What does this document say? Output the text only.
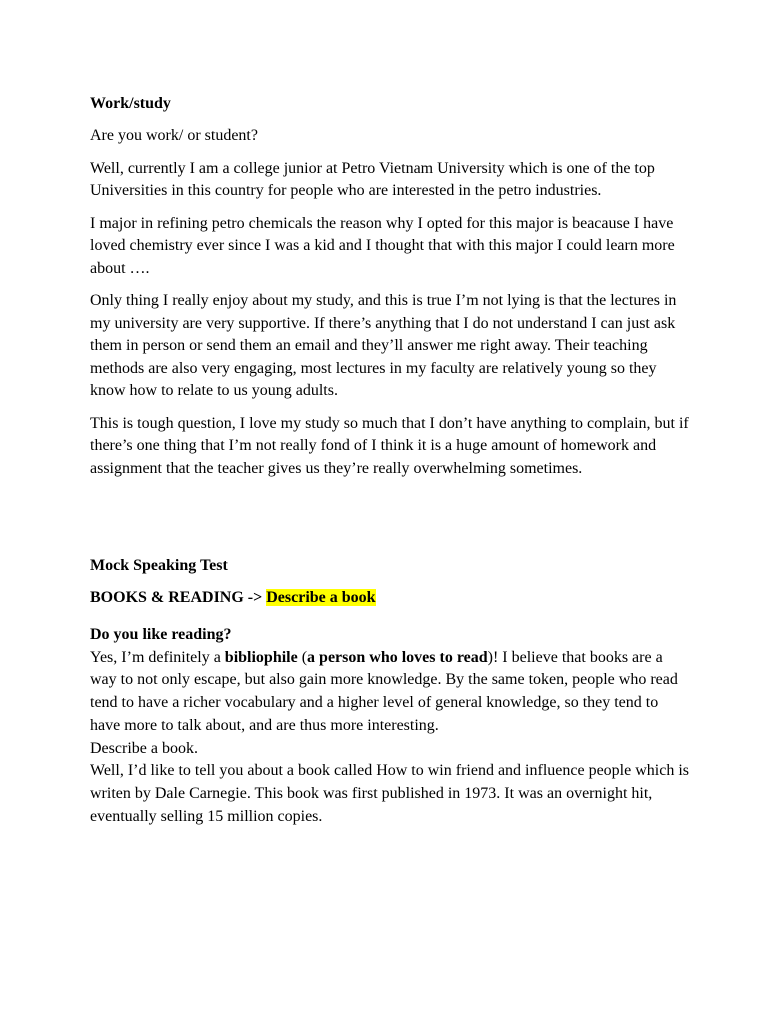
Work/study
Are you work/ or student?
Well, currently I am a college junior at Petro Vietnam University which is one of the top Universities in this country for people who are interested in the petro industries.
I major in refining petro chemicals the reason why I opted for this major is beacause I have loved chemistry ever since I was a kid and I thought that with this major I could learn more about ….
Only thing I really enjoy about my study, and this is true I’m not lying is that the lectures in my university are very supportive. If there’s anything that I do not understand I can just ask them in person or send them an email and they’ll answer me right away. Their teaching methods are also very engaging, most lectures in my faculty are relatively young so they know how to relate to us young adults.
This is tough question, I love my study so much that I don’t have anything to complain, but if there’s one thing that I’m not really fond of I think it is a huge amount of homework and assignment that the teacher gives us they’re really overwhelming sometimes.
Mock Speaking Test
BOOKS & READING -> Describe a book
Do you like reading?
Yes, I’m definitely a bibliophile (a person who loves to read)! I believe that books are a way to not only escape, but also gain more knowledge. By the same token, people who read tend to have a richer vocabulary and a higher level of general knowledge, so they tend to have more to talk about, and are thus more interesting.
Describe a book.
Well, I’d like to tell you about a book called How to win friend and influence people which is writen by Dale Carnegie. This book was first published in 1973. It was an overnight hit, eventually selling 15 million copies.
